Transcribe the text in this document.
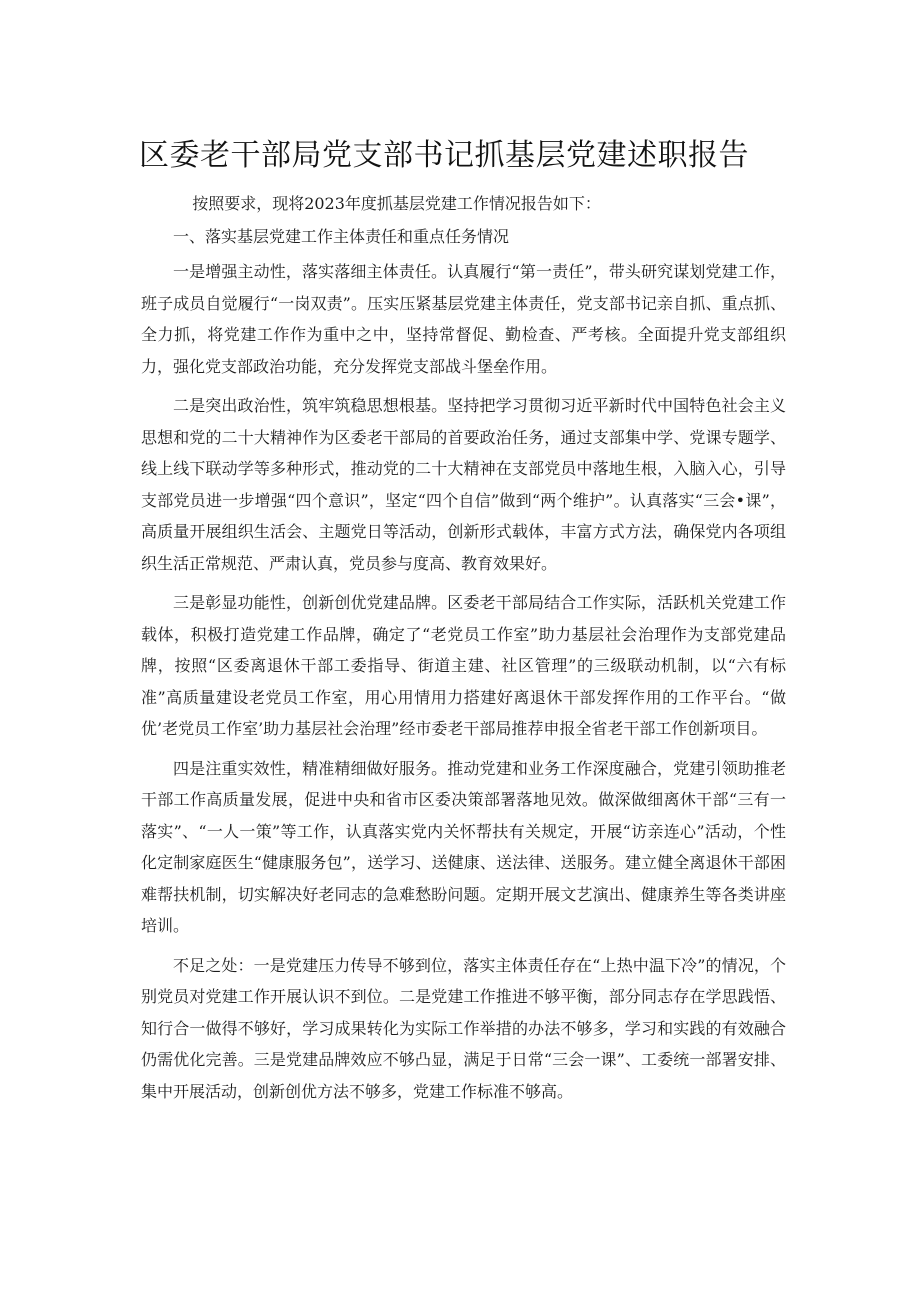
区委老干部局党支部书记抓基层党建述职报告

按照要求，现将2023年度抓基层党建工作情况报告如下：

一、落实基层党建工作主体责任和重点任务情况

一是增强主动性，落实落细主体责任。认真履行“第一责任”，带头研究谋划党建工作，班子成员自觉履行“一岗双责”。压实压紧基层党建主体责任，党支部书记亲自抓、重点抓、全力抓，将党建工作作为重中之中，坚持常督促、勤检查、严考核。全面提升党支部组织力，强化党支部政治功能，充分发挥党支部战斗堡垒作用。

二是突出政治性，筑牢筑稳思想根基。坚持把学习贯彻习近平新时代中国特色社会主义思想和党的二十大精神作为区委老干部局的首要政治任务，通过支部集中学、党课专题学、线上线下联动学等多种形式，推动党的二十大精神在支部党员中落地生根，入脑入心，引导支部党员进一步增强“四个意识”，坚定“四个自信”做到“两个维护”。认真落实“三会•课”，高质量开展组织生活会、主题党日等活动，创新形式载体，丰富方式方法，确保党内各项组织生活正常规范、严肃认真，党员参与度高、教育效果好。

三是彰显功能性，创新创优党建品牌。区委老干部局结合工作实际，活跃机关党建工作载体，积极打造党建工作品牌，确定了“老党员工作室”助力基层社会治理作为支部党建品牌，按照“区委离退休干部工委指导、街道主建、社区管理”的三级联动机制，以“六有标准”高质量建设老党员工作室，用心用情用力搭建好离退休干部发挥作用的工作平台。“做优’老党员工作室’助力基层社会治理”经市委老干部局推荐申报全省老干部工作创新项目。

四是注重实效性，精准精细做好服务。推动党建和业务工作深度融合，党建引领助推老干部工作高质量发展，促进中央和省市区委决策部署落地见效。做深做细离休干部“三有一落实”、“一人一策”等工作，认真落实党内关怀帮扶有关规定，开展“访亲连心”活动，个性化定制家庭医生“健康服务包”，送学习、送健康、送法律、送服务。建立健全离退休干部困难帮扶机制，切实解决好老同志的急难愁盼问题。定期开展文艺演出、健康养生等各类讲座培训。

不足之处：一是党建压力传导不够到位，落实主体责任存在“上热中温下冷”的情况，个别党员对党建工作开展认识不到位。二是党建工作推进不够平衡，部分同志存在学思践悟、知行合一做得不够好，学习成果转化为实际工作举措的办法不够多，学习和实践的有效融合仍需优化完善。三是党建品牌效应不够凸显，满足于日常“三会一课”、工委统一部署安排、集中开展活动，创新创优方法不够多，党建工作标准不够高。
